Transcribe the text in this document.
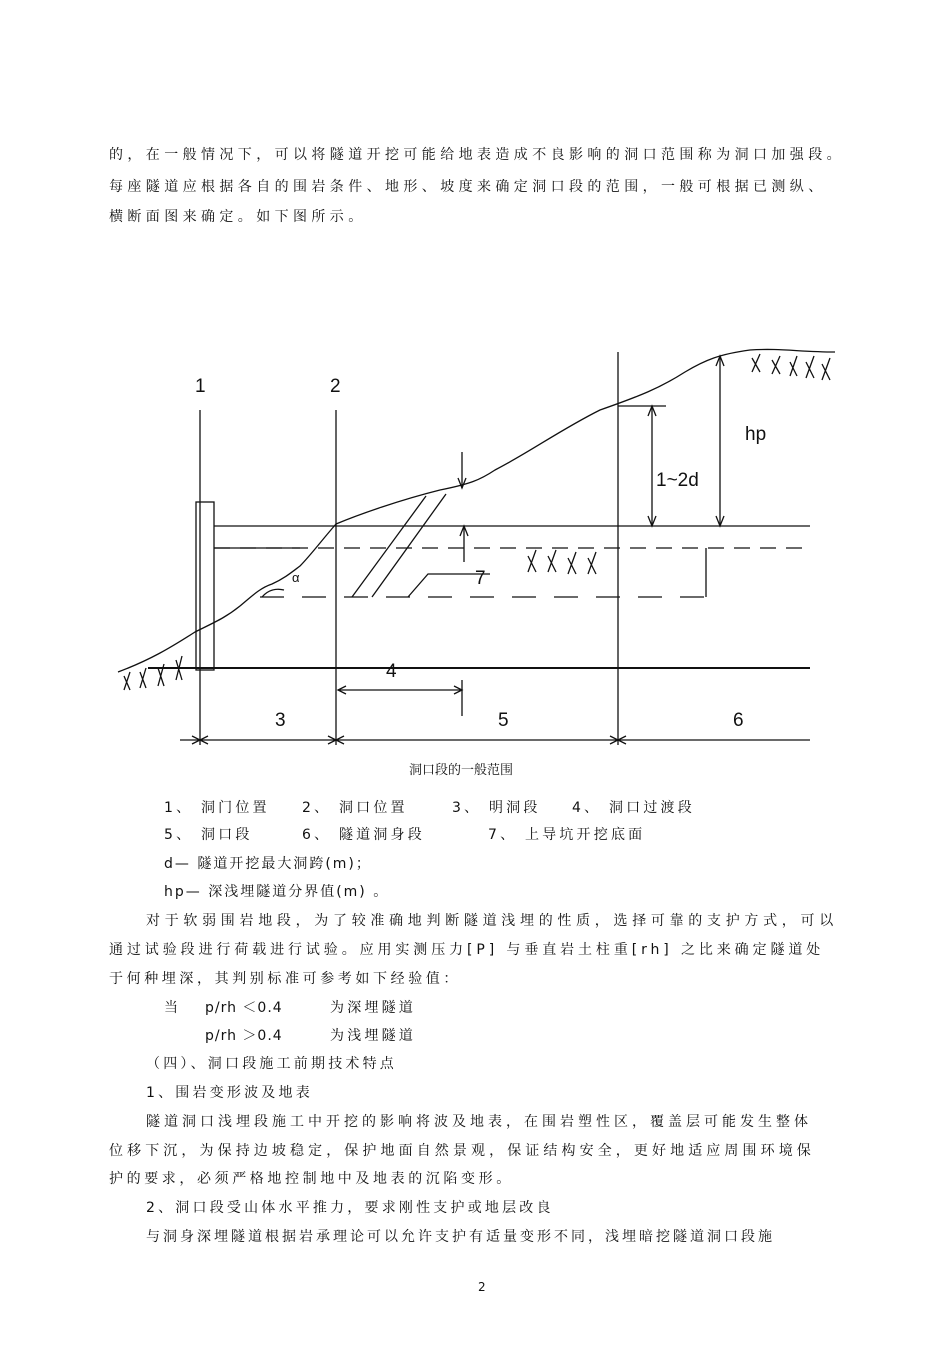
的，在一般情况下，可以将隧道开挖可能给地表造成不良影响的洞口范围称为洞口加强段。
每座隧道应根据各自的围岩条件、地形、坡度来确定洞口段的范围，一般可根据已测纵、
横断面图来确定。如下图所示。
1	2
3
4
5	6
7
hp
1~2d
α
洞口段的一般范围
1、 洞门位置 2、 洞口位置	3、 明洞段 4、 洞口过渡段
5、 洞口段	6、 隧道洞身段	7、 上导坑开挖底面
d— 隧道开挖最大洞跨(m)；
hp— 深浅埋隧道分界值(m) 。
对于软弱围岩地段，为了较准确地判断隧道浅埋的性质，选择可靠的支护方式，可以
通过试验段进行荷载进行试验。应用实测压力[P] 与垂直岩土柱重[rh] 之比来确定隧道处
于何种埋深，其判别标准可参考如下经验值：
当 p/rh ＜0.4	为深埋隧道
p/rh ＞0.4	为浅埋隧道
（四）、洞口段施工前期技术特点
1、围岩变形波及地表
隧道洞口浅埋段施工中开挖的影响将波及地表，在围岩塑性区，覆盖层可能发生整体
位移下沉，为保持边坡稳定，保护地面自然景观，保证结构安全，更好地适应周围环境保
护的要求，必须严格地控制地中及地表的沉陷变形。
2、洞口段受山体水平推力，要求刚性支护或地层改良
与洞身深埋隧道根据岩承理论可以允许支护有适量变形不同，浅埋暗挖隧道洞口段施
2
